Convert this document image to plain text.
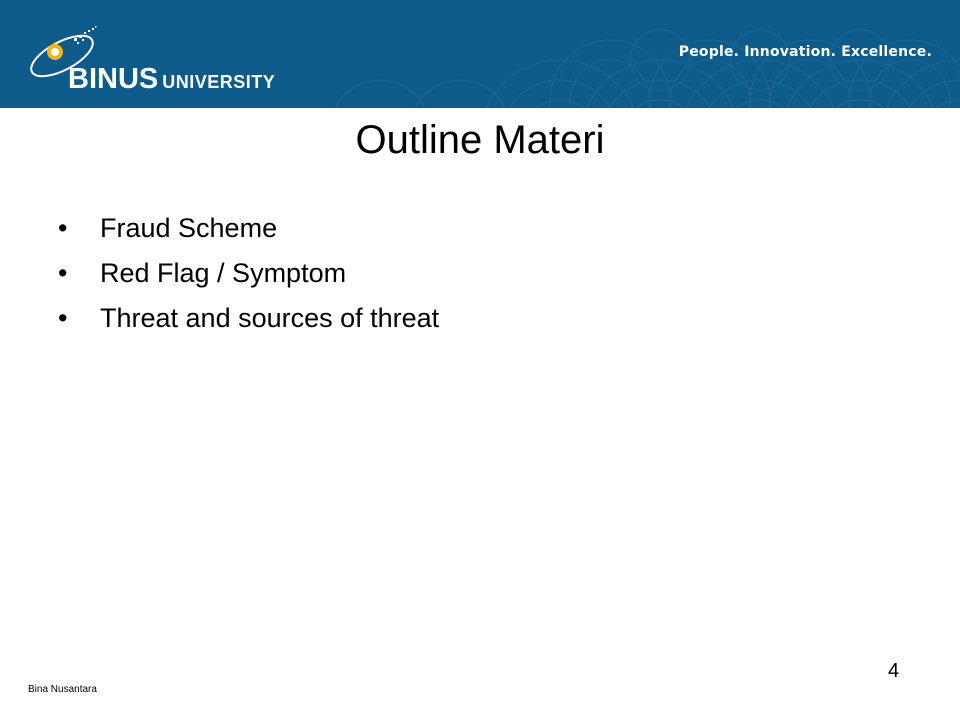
BINUS UNIVERSITY
People. Innovation. Excellence.
Outline Materi
• Fraud Scheme
• Red Flag / Symptom
• Threat and sources of threat
Bina Nusantara
4
